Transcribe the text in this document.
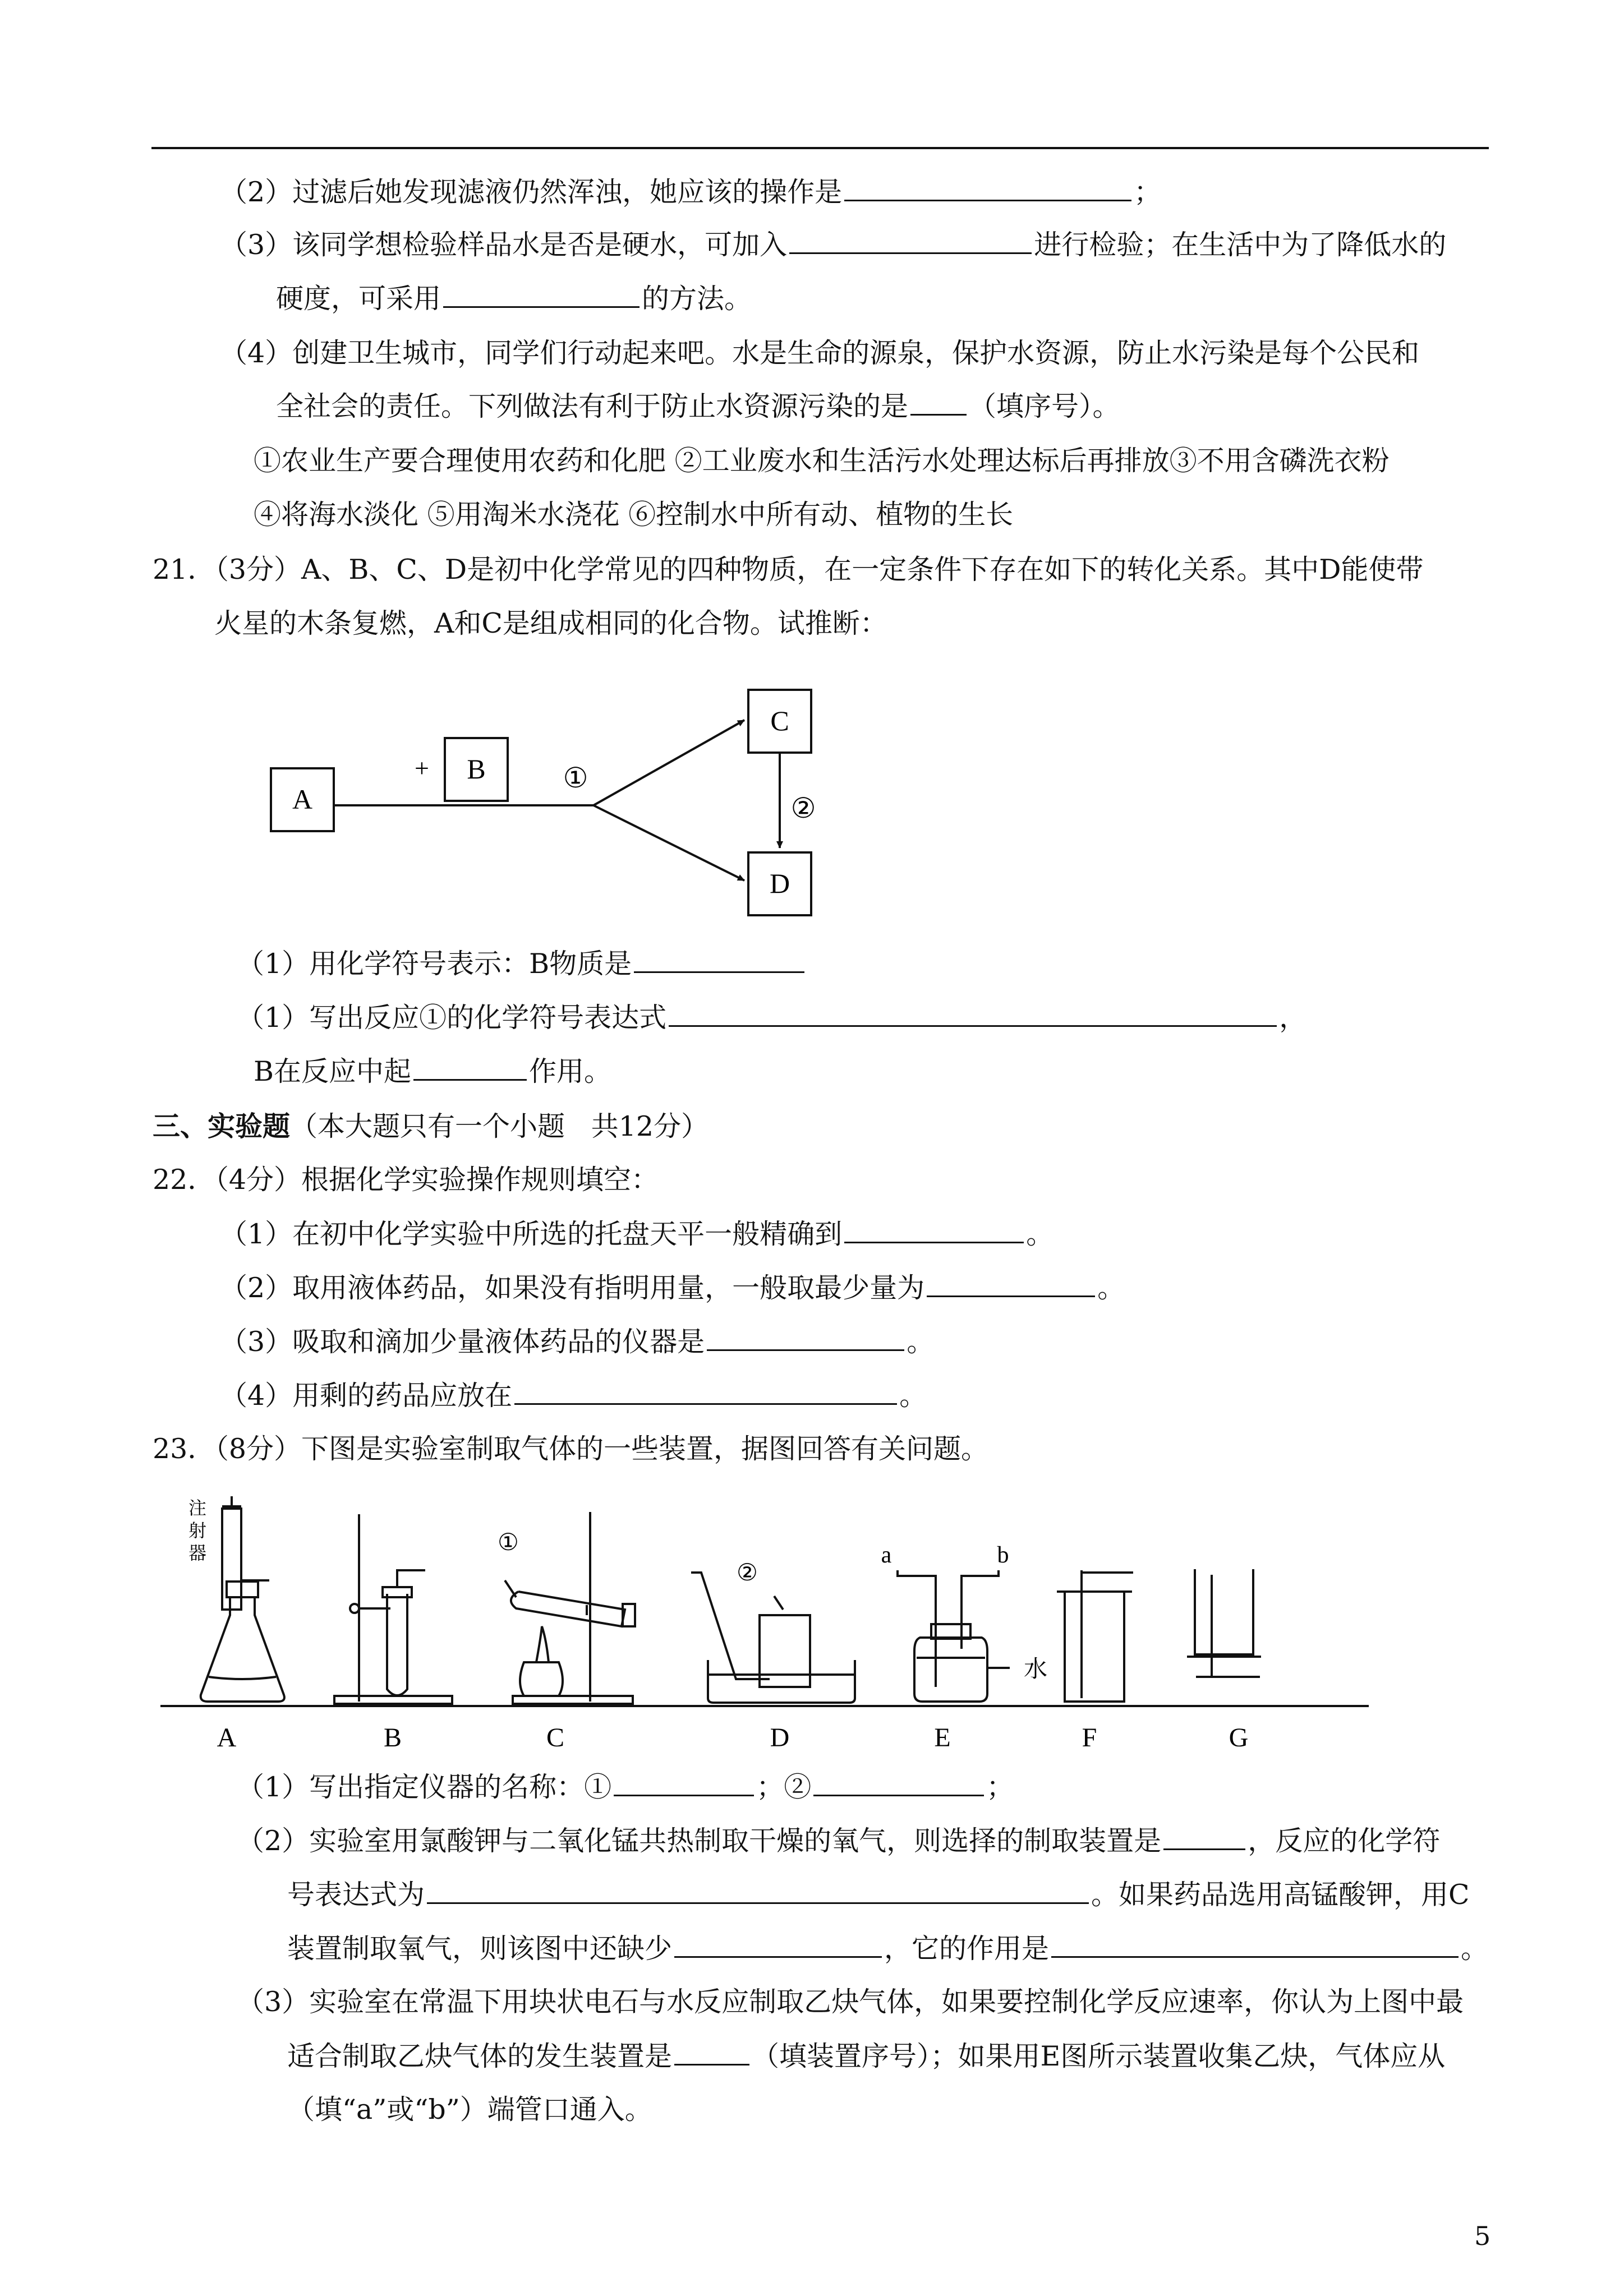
（2）过滤后她发现滤液仍然浑浊，她应该的操作是	；
（3）该同学想检验样品水是否是硬水，可加入	进行检验；在生活中为了降低水的
硬度，可采用	的方法。
（4）创建卫生城市，同学们行动起来吧。水是生命的源泉，保护水资源，防止水污染是每个公民和
全社会的责任。下列做法有利于防止水资源污染的是 （填序号）。
①农业生产要合理使用农药和化肥 ②工业废水和生活污水处理达标后再排放③不用含磷洗衣粉
④将海水淡化 ⑤用淘米水浇花 ⑥控制水中所有动、植物的生长
21．（3分）A、B、C、D是初中化学常见的四种物质，在一定条件下存在如下的转化关系。其中D能使带
火星的木条复燃，A和C是组成相同的化合物。试推断：
A
B
+	①
C
②
D
（1）用化学符号表示：B物质是
（1）写出反应①的化学符号表达式	，
B在反应中起	作用。
三、实验题（本大题只有一个小题   共12分）
22．（4分）根据化学实验操作规则填空：
（1）在初中化学实验中所选的托盘天平一般精确到	。
（2）取用液体药品，如果没有指明用量，一般取最少量为	。
（3）吸取和滴加少量液体药品的仪器是	。
（4）用剩的药品应放在	。
23．（8分）下图是实验室制取气体的一些装置，据图回答有关问题。
注
射
器	①
②
a	b
水
A	B	C	D	E	F	G
（1）写出指定仪器的名称：①	；②	；
（2）实验室用氯酸钾与二氧化锰共热制取干燥的氧气，则选择的制取装置是	，反应的化学符
号表达式为	。如果药品选用高锰酸钾，用C
装置制取氧气，则该图中还缺少	，它的作用是	。
（3）实验室在常温下用块状电石与水反应制取乙炔气体，如果要控制化学反应速率，你认为上图中最
适合制取乙炔气体的发生装置是	（填装置序号）；如果用E图所示装置收集乙炔，气体应从
（填“a”或“b”）端管口通入。
5
